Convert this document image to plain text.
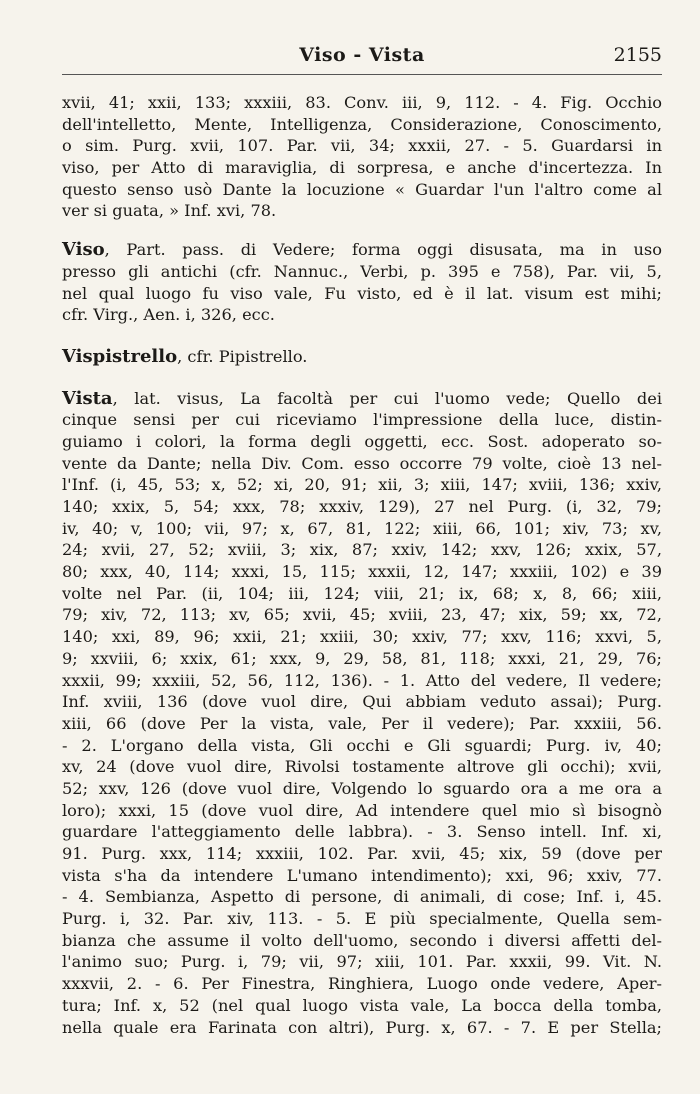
Viso - Vista	2155
xvii, 41; xxii, 133; xxxiii, 83. Conv. iii, 9, 112. - 4. Fig. Occhio
dell'intelletto, Mente, Intelligenza, Considerazione, Conoscimento,
o sim. Purg. xvii, 107. Par. vii, 34; xxxii, 27. - 5. Guardarsi in
viso, per Atto di maraviglia, di sorpresa, e anche d'incertezza. In
questo senso usò Dante la locuzione « Guardar l'un l'altro come al
ver si guata, » Inf. xvi, 78.
Viso, Part. pass. di Vedere; forma oggi disusata, ma in uso
presso gli antichi (cfr. Nannuc., Verbi, p. 395 e 758), Par. vii, 5,
nel qual luogo fu viso vale, Fu visto, ed è il lat. visum est mihi;
cfr. Virg., Aen. i, 326, ecc.
Vispistrello, cfr. Pipistrello.
Vista, lat. visus, La facoltà per cui l'uomo vede; Quello dei
cinque sensi per cui riceviamo l'impressione della luce, distin-
guiamo i colori, la forma degli oggetti, ecc. Sost. adoperato so-
vente da Dante; nella Div. Com. esso occorre 79 volte, cioè 13 nel-
l'Inf. (i, 45, 53; x, 52; xi, 20, 91; xii, 3; xiii, 147; xviii, 136; xxiv,
140; xxix, 5, 54; xxx, 78; xxxiv, 129), 27 nel Purg. (i, 32, 79;
iv, 40; v, 100; vii, 97; x, 67, 81, 122; xiii, 66, 101; xiv, 73; xv,
24; xvii, 27, 52; xviii, 3; xix, 87; xxiv, 142; xxv, 126; xxix, 57,
80; xxx, 40, 114; xxxi, 15, 115; xxxii, 12, 147; xxxiii, 102) e 39
volte nel Par. (ii, 104; iii, 124; viii, 21; ix, 68; x, 8, 66; xiii,
79; xiv, 72, 113; xv, 65; xvii, 45; xviii, 23, 47; xix, 59; xx, 72,
140; xxi, 89, 96; xxii, 21; xxiii, 30; xxiv, 77; xxv, 116; xxvi, 5,
9; xxviii, 6; xxix, 61; xxx, 9, 29, 58, 81, 118; xxxi, 21, 29, 76;
xxxii, 99; xxxiii, 52, 56, 112, 136). - 1. Atto del vedere, Il vedere;
Inf. xviii, 136 (dove vuol dire, Qui abbiam veduto assai); Purg.
xiii, 66 (dove Per la vista, vale, Per il vedere); Par. xxxiii, 56.
- 2. L'organo della vista, Gli occhi e Gli sguardi; Purg. iv, 40;
xv, 24 (dove vuol dire, Rivolsi tostamente altrove gli occhi); xvii,
52; xxv, 126 (dove vuol dire, Volgendo lo sguardo ora a me ora a
loro); xxxi, 15 (dove vuol dire, Ad intendere quel mio sì bisognò
guardare l'atteggiamento delle labbra). - 3. Senso intell. Inf. xi,
91. Purg. xxx, 114; xxxiii, 102. Par. xvii, 45; xix, 59 (dove per
vista s'ha da intendere L'umano intendimento); xxi, 96; xxiv, 77.
- 4. Sembianza, Aspetto di persone, di animali, di cose; Inf. i, 45.
Purg. i, 32. Par. xiv, 113. - 5. E più specialmente, Quella sem-
bianza che assume il volto dell'uomo, secondo i diversi affetti del-
l'animo suo; Purg. i, 79; vii, 97; xiii, 101. Par. xxxii, 99. Vit. N.
xxxvii, 2. - 6. Per Finestra, Ringhiera, Luogo onde vedere, Aper-
tura; Inf. x, 52 (nel qual luogo vista vale, La bocca della tomba,
nella quale era Farinata con altri), Purg. x, 67. - 7. E per Stella;
